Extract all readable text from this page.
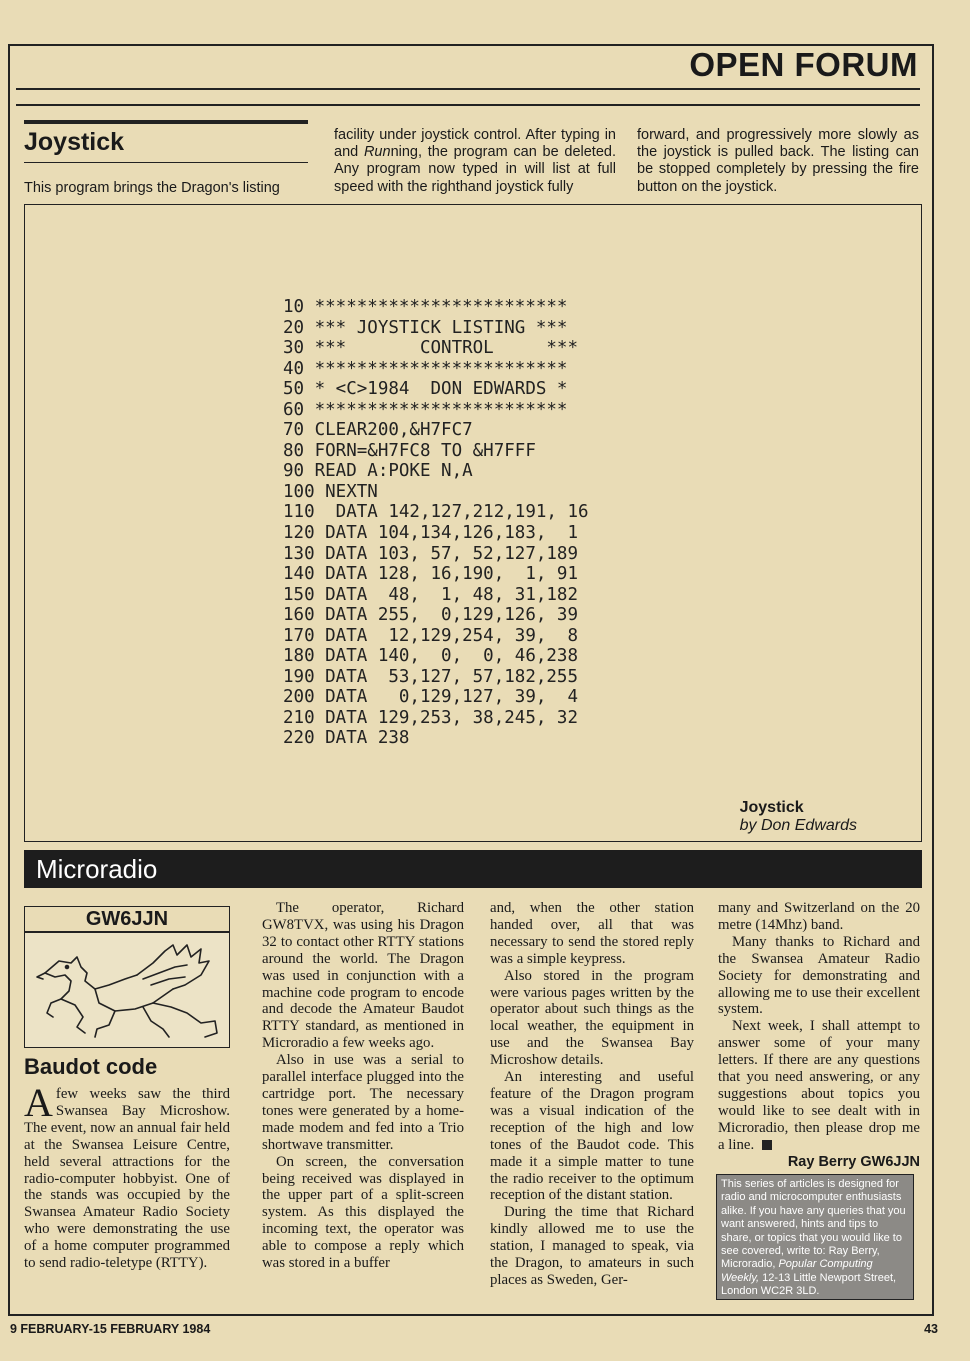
OPEN FORUM
Joystick
This program brings the Dragon's listing
facility under joystick control. After typing in and Running, the program can be deleted. Any program now typed in will list at full speed with the righthand joystick fully
forward, and progressively more slowly as the joystick is pulled back. The listing can be stopped completely by pressing the fire button on the joystick.
10 ************************
20 *** JOYSTICK LISTING ***
30 ***       CONTROL     ***
40 ************************
50 * <C>1984  DON EDWARDS *
60 ************************
70 CLEAR200,&H7FC7
80 FORN=&H7FC8 TO &H7FFF
90 READ A:POKE N,A
100 NEXTN
110  DATA 142,127,212,191, 16
120 DATA 104,134,126,183,  1
130 DATA 103, 57, 52,127,189
140 DATA 128, 16,190,  1, 91
150 DATA  48,  1, 48, 31,182
160 DATA 255,  0,129,126, 39
170 DATA  12,129,254, 39,  8
180 DATA 140,  0,  0, 46,238
190 DATA  53,127, 57,182,255
200 DATA   0,129,127, 39,  4
210 DATA 129,253, 38,245, 32
220 DATA 238

Joystick
by Don Edwards
Microradio
GW6JJN
Baudot code

Afew weeks saw the third Swansea Bay Microshow. The event, now an annual fair held at the Swansea Leisure Centre, held several attractions for the radio-computer hobbyist. One of the stands was occupied by the Swansea Amateur Radio Society who were demonstrating the use of a home computer programmed to send radio-teletype (RTTY).

The operator, Richard GW8TVX, was using his Dragon 32 to contact other RTTY stations around the world. The Dragon was used in conjunction with a machine code program to encode and decode the Amateur Baudot RTTY standard, as mentioned in Microradio a few weeks ago.

Also in use was a serial to parallel interface plugged into the cartridge port. The necessary tones were generated by a home-made modem and fed into a Trio shortwave transmitter.

On screen, the conversation being received was displayed in the upper part of a split-screen system. As this displayed the incoming text, the operator was able to compose a reply which was stored in a buffer

and, when the other station handed over, all that was necessary to send the stored reply was a simple keypress.

Also stored in the program were various pages written by the operator about such things as the local weather, the equipment in use and the Swansea Bay Microshow details.

An interesting and useful feature of the Dragon program was a visual indication of the reception of the high and low tones of the Baudot code. This made it a simple matter to tune the radio receiver to the optimum reception of the distant station.

During the time that Richard kindly allowed me to use the station, I managed to speak, via the Dragon, to amateurs in such places as Sweden, Ger-

many and Switzerland on the 20 metre (14Mhz) band.

Many thanks to Richard and the Swansea Amateur Radio Society for demonstrating and allowing me to use their excellent system.

Next week, I shall attempt to answer some of your many letters. If there are any questions that you need answering, or any suggestions about topics you would like to see dealt with in Microradio, then please drop me a line.

Ray Berry GW6JJN

This series of articles is designed for radio and microcomputer enthusiasts alike. If you have any queries that you want answered, hints and tips to share, or topics that you would like to see covered, write to: Ray Berry, Microradio, Popular Computing Weekly, 12-13 Little Newport Street, London WC2R 3LD.
9 FEBRUARY-15 FEBRUARY 1984	43
